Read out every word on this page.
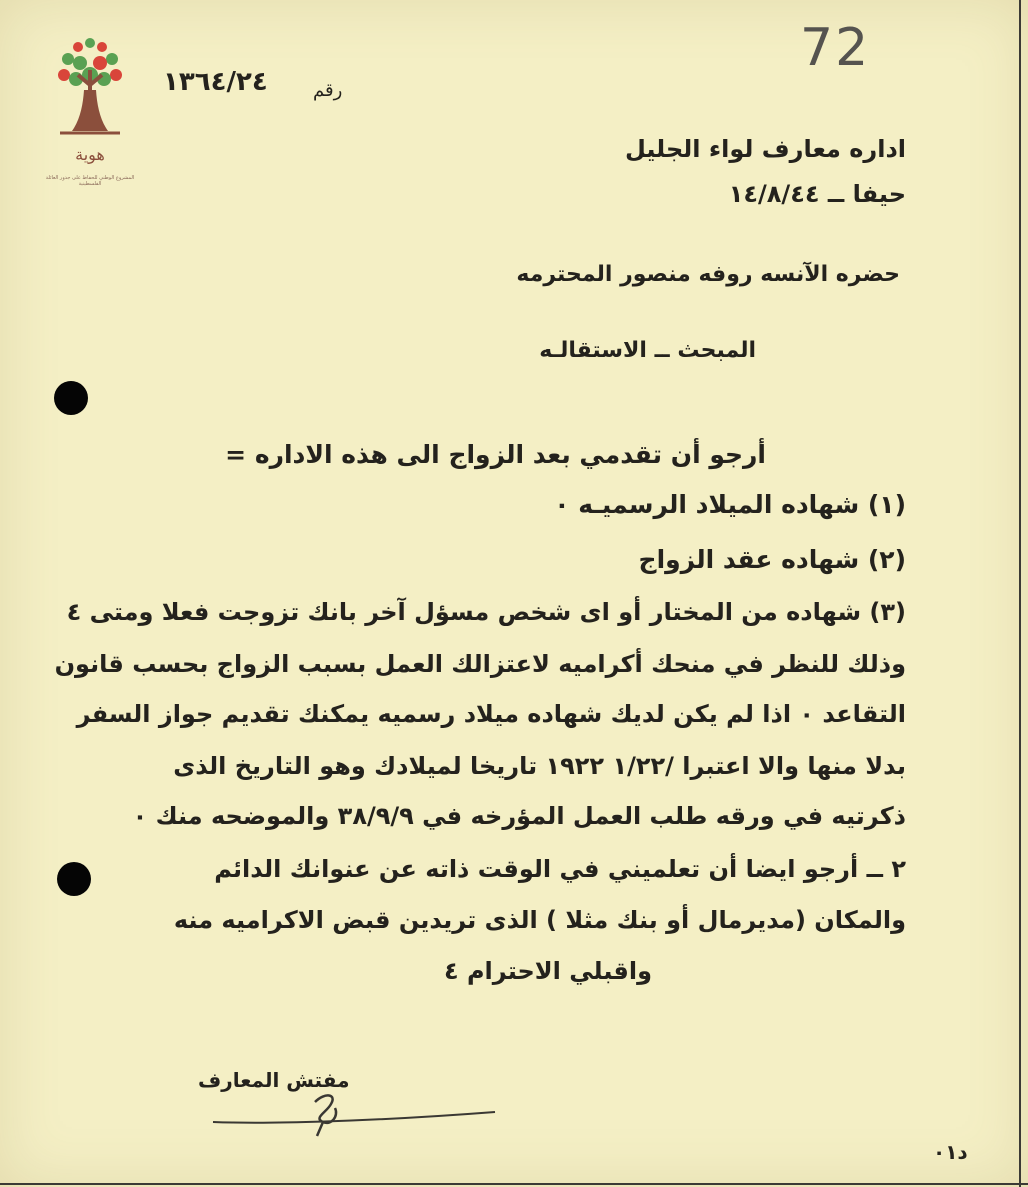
هوية
المشروع الوطني للحفاظ على جذور العائلة الفلسطينية
72
١٣٦٤/٢٤	رقم
اداره معارف لواء الجليل
حيفا ــ ١٤/٨/٤٤
حضره الآنسه روفه منصور المحترمه
المبحث ــ الاستقالـه
أرجو أن تقدمي بعد الزواج الى هذه الاداره =
(١) شهاده الميلاد الرسميـه ٠
(٢) شهاده عقد الزواج
(٣) شهاده من المختار أو اى شخص مسؤل آخر بانك تزوجت فعلا ومتى ٤
وذلك للنظر في منحك أكراميه لاعتزالك العمل بسبب الزواج بحسب قانون
التقاعد ٠ اذا لم يكن لديك شهاده ميلاد رسميه يمكنك تقديم جواز السفر
بدلا منها والا اعتبرا /١/٢٢ ١٩٢٢ تاريخا لميلادك وهو التاريخ الذى
ذكرتيه في ورقه طلب العمل المؤرخه في ٣٨/٩/٩ والموضحه منك ٠
٢ ــ أرجو ايضا أن تعلميني في الوقت ذاته عن عنوانك الدائم
والمكان (مديرمال أو بنك مثلا ) الذى تريدين قبض الاكراميه منه
واقبلي الاحترام ٤
مفتش المعارف
د٠١
